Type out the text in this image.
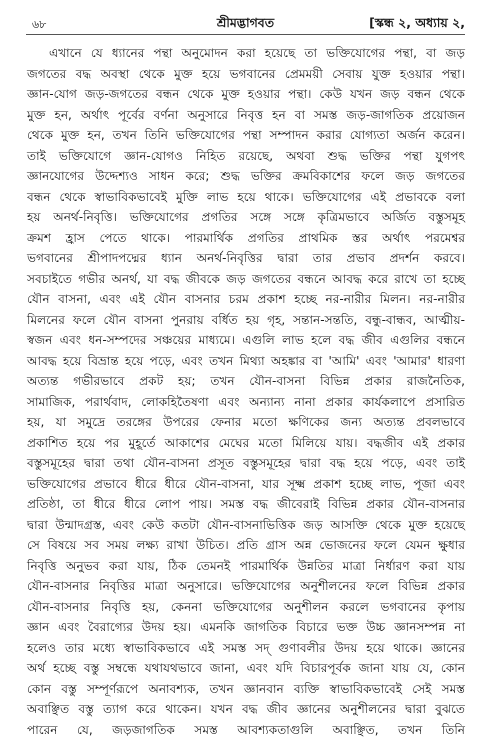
৬৮	শ্রীমদ্ভাগবত	[স্কন্ধ ২, অধ্যায় ২,
এখানে যে ধ্যানের পন্থা অনুমোদন করা হয়েছে তা ভক্তিযোগের পন্থা, বা জড়
জগতের বদ্ধ অবস্থা থেকে মুক্ত হয়ে ভগবানের প্রেমময়ী সেবায় যুক্ত হওয়ার পন্থা।
জ্ঞান-যোগ জড়-জগতের বন্ধন থেকে মুক্ত হওয়ার পন্থা। কেউ যখন জড় বন্ধন থেকে
মুক্ত হন, অর্থাৎ পূর্বের বর্ণনা অনুসারে নিবৃত্ত হন বা সমস্ত জড়-জাগতিক প্রয়োজন
থেকে মুক্ত হন, তখন তিনি ভক্তিযোগের পন্থা সম্পাদন করার যোগ্যতা অর্জন করেন।
তাই ভক্তিযোগে জ্ঞান-যোগও নিহিত রয়েছে, অথবা শুদ্ধ ভক্তির পন্থা যুগপৎ
জ্ঞানযোগের উদ্দেশ্যও সাধন করে; শুদ্ধ ভক্তির ক্রমবিকাশের ফলে জড় জগতের
বন্ধন থেকে স্বাভাবিকভাবেই মুক্তি লাভ হয়ে থাকে। ভক্তিযোগের এই প্রভাবকে বলা
হয় অনর্থ-নিবৃত্তি। ভক্তিযোগের প্রগতির সঙ্গে সঙ্গে কৃত্রিমভাবে অর্জিত বস্তুসমূহ
ক্রমশ হ্রাস পেতে থাকে। পারমার্থিক প্রগতির প্রাথমিক স্তর অর্থাৎ পরমেশ্বর
ভগবানের শ্রীপাদপদ্মের ধ্যান অনর্থ-নিবৃত্তির দ্বারা তার প্রভাব প্রদর্শন করবে।
সবচাইতে গভীর অনর্থ, যা বদ্ধ জীবকে জড় জগতের বন্ধনে আবদ্ধ করে রাখে তা হচ্ছে
যৌন বাসনা, এবং এই যৌন বাসনার চরম প্রকাশ হচ্ছে নর-নারীর মিলন। নর-নারীর
মিলনের ফলে যৌন বাসনা পুনরায় বর্ধিত হয় গৃহ, সন্তান-সন্ততি, বন্ধু-বান্ধব, আত্মীয়-
স্বজন এবং ধন-সম্পদের সঞ্চয়ের মাধ্যমে। এগুলি লাভ হলে বদ্ধ জীব এগুলির বন্ধনে
আবদ্ধ হয়ে বিভ্রান্ত হয়ে পড়ে, এবং তখন মিথ্যা অহঙ্কার বা 'আমি' এবং 'আমার' ধারণা
অত্যন্ত গভীরভাবে প্রকট হয়; তখন যৌন-বাসনা বিভিন্ন প্রকার রাজনৈতিক,
সামাজিক, পরার্থবাদ, লোকহিতৈষণা এবং অন্যান্য নানা প্রকার কার্যকলাপে প্রসারিত
হয়, যা সমুদ্রে তরঙ্গের উপরের ফেনার মতো ক্ষণিকের জন্য অত্যন্ত প্রবলভাবে
প্রকাশিত হয়ে পর মুহূর্তে আকাশের মেঘের মতো মিলিয়ে যায়। বদ্ধজীব এই প্রকার
বস্তুসমূহের দ্বারা তথা যৌন-বাসনা প্রসূত বস্তুসমূহের দ্বারা বদ্ধ হয়ে পড়ে, এবং তাই
ভক্তিযোগের প্রভাবে ধীরে ধীরে যৌন-বাসনা, যার সূক্ষ্ম প্রকাশ হচ্ছে লাভ, পূজা এবং
প্রতিষ্ঠা, তা ধীরে ধীরে লোপ পায়। সমস্ত বদ্ধ জীবেরাই বিভিন্ন প্রকার যৌন-বাসনার
দ্বারা উন্মাদগ্রস্ত, এবং কেউ কতটা যৌন-বাসনাভিত্তিক জড় আসক্তি থেকে মুক্ত হয়েছে
সে বিষয়ে সব সময় লক্ষ্য রাখা উচিত। প্রতি গ্রাস অন্ন ভোজনের ফলে যেমন ক্ষুধার
নিবৃত্তি অনুভব করা যায়, ঠিক তেমনই পারমার্থিক উন্নতির মাত্রা নির্ধারণ করা যায়
যৌন-বাসনার নিবৃত্তির মাত্রা অনুসারে। ভক্তিযোগের অনুশীলনের ফলে বিভিন্ন প্রকার
যৌন-বাসনার নিবৃত্তি হয়, কেননা ভক্তিযোগের অনুশীলন করলে ভগবানের কৃপায়
জ্ঞান এবং বৈরাগ্যের উদয় হয়। এমনকি জাগতিক বিচারে ভক্ত উচ্চ জ্ঞানসম্পন্ন না
হলেও তার মধ্যে স্বাভাবিকভাবে এই সমস্ত সদ্ গুণাবলীর উদয় হয়ে থাকে। জ্ঞানের
অর্থ হচ্ছে বস্তু সম্বন্ধে যথাযথভাবে জানা, এবং যদি বিচারপূর্বক জানা যায় যে, কোন
কোন বস্তু সম্পূর্ণরূপে অনাবশ্যক, তখন জ্ঞানবান ব্যক্তি স্বাভাবিকভাবেই সেই সমস্ত
অবাঞ্ছিত বস্তু ত্যাগ করে থাকেন। যখন বদ্ধ জীব জ্ঞানের অনুশীলনের দ্বারা বুঝতে
পারেন যে, জড়জাগতিক সমস্ত আবশ্যকতাগুলি অবাঞ্ছিত, তখন তিনি
